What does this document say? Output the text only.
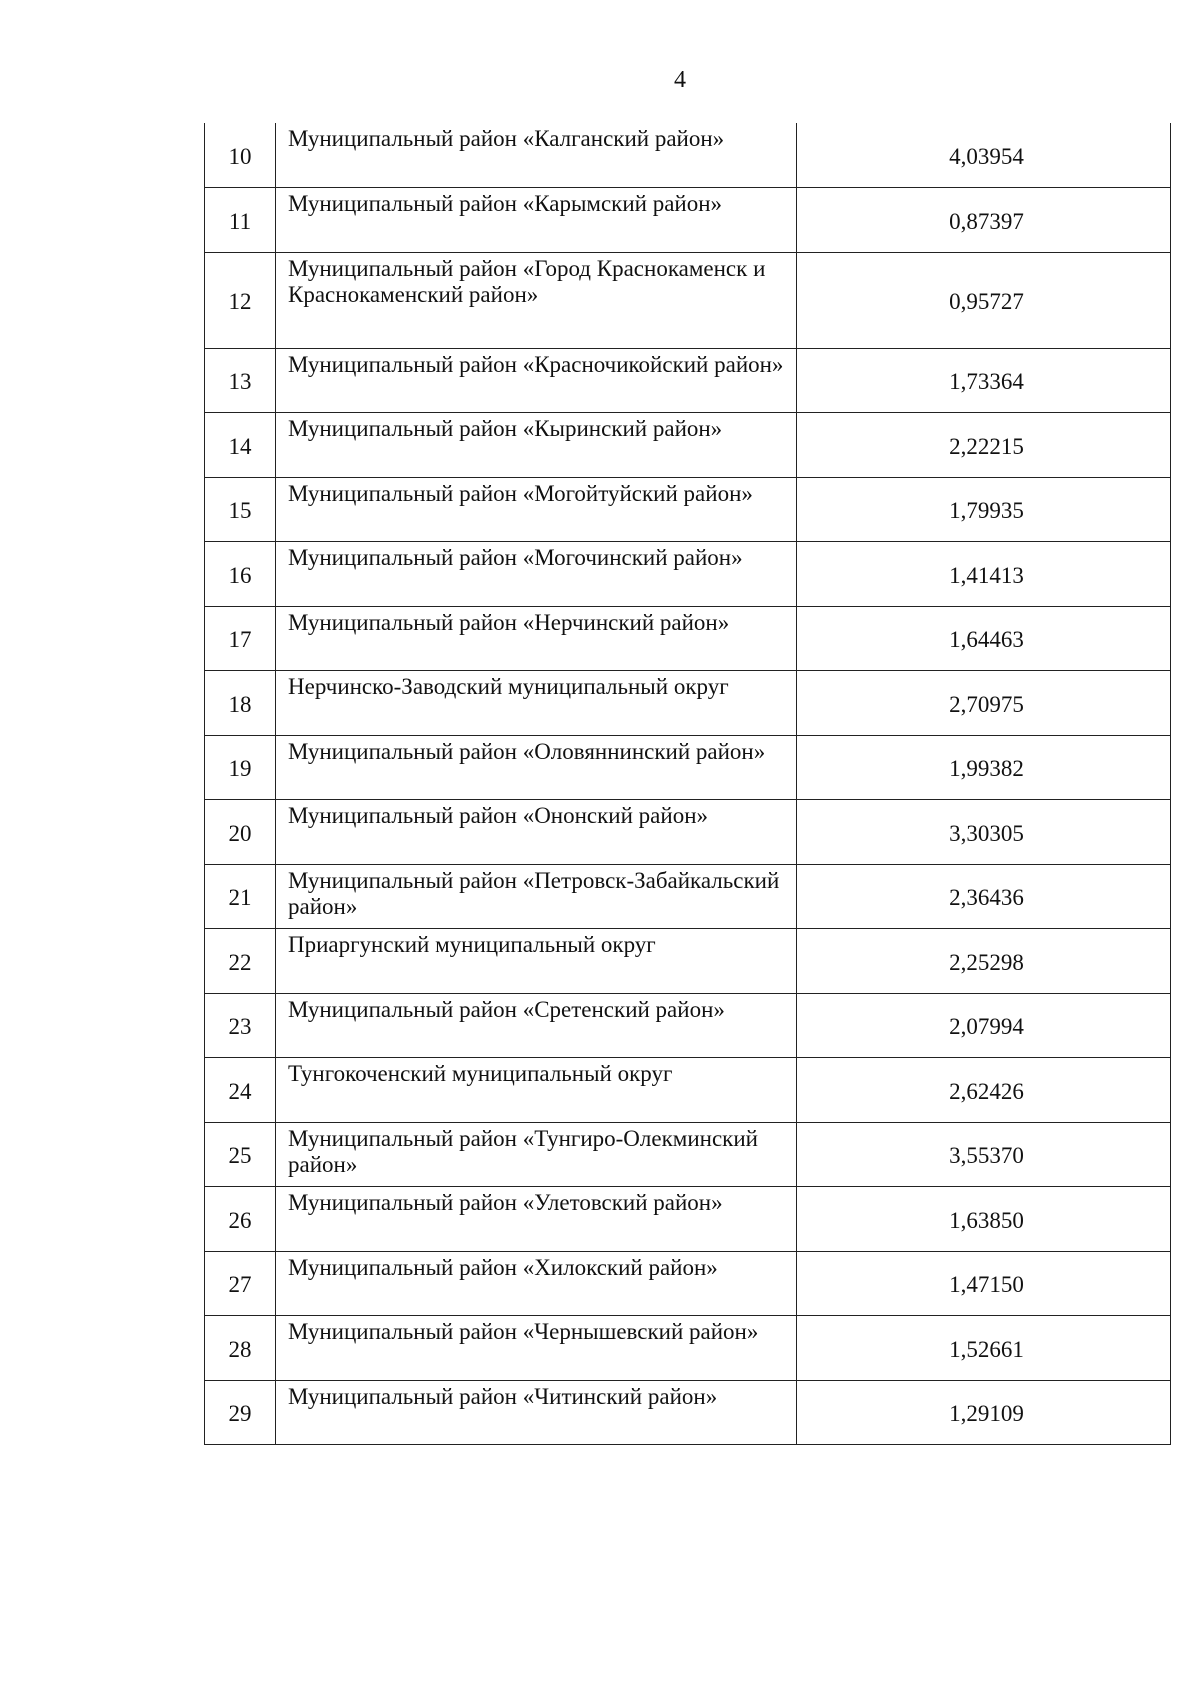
4
10	Муниципальный район «Калганский район»	4,03954
11	Муниципальный район «Карымский район»	0,87397
12	Муниципальный район «Город Краснокаменск и Краснокаменский район»	0,95727
13	Муниципальный район «Красночикойский район»	1,73364
14	Муниципальный район «Кыринский район»	2,22215
15	Муниципальный район «Могойтуйский район»	1,79935
16	Муниципальный район «Могочинский район»	1,41413
17	Муниципальный район «Нерчинский район»	1,64463
18	Нерчинско-Заводский муниципальный округ	2,70975
19	Муниципальный район «Оловяннинский район»	1,99382
20	Муниципальный район «Ононский район»	3,30305
21	Муниципальный район «Петровск-Забайкальский район»	2,36436
22	Приаргунский муниципальный округ	2,25298
23	Муниципальный район «Сретенский район»	2,07994
24	Тунгокоченский муниципальный округ	2,62426
25	Муниципальный район «Тунгиро-Олекминский район»	3,55370
26	Муниципальный район «Улетовский район»	1,63850
27	Муниципальный район «Хилокский район»	1,47150
28	Муниципальный район «Чернышевский район»	1,52661
29	Муниципальный район «Читинский район»	1,29109
